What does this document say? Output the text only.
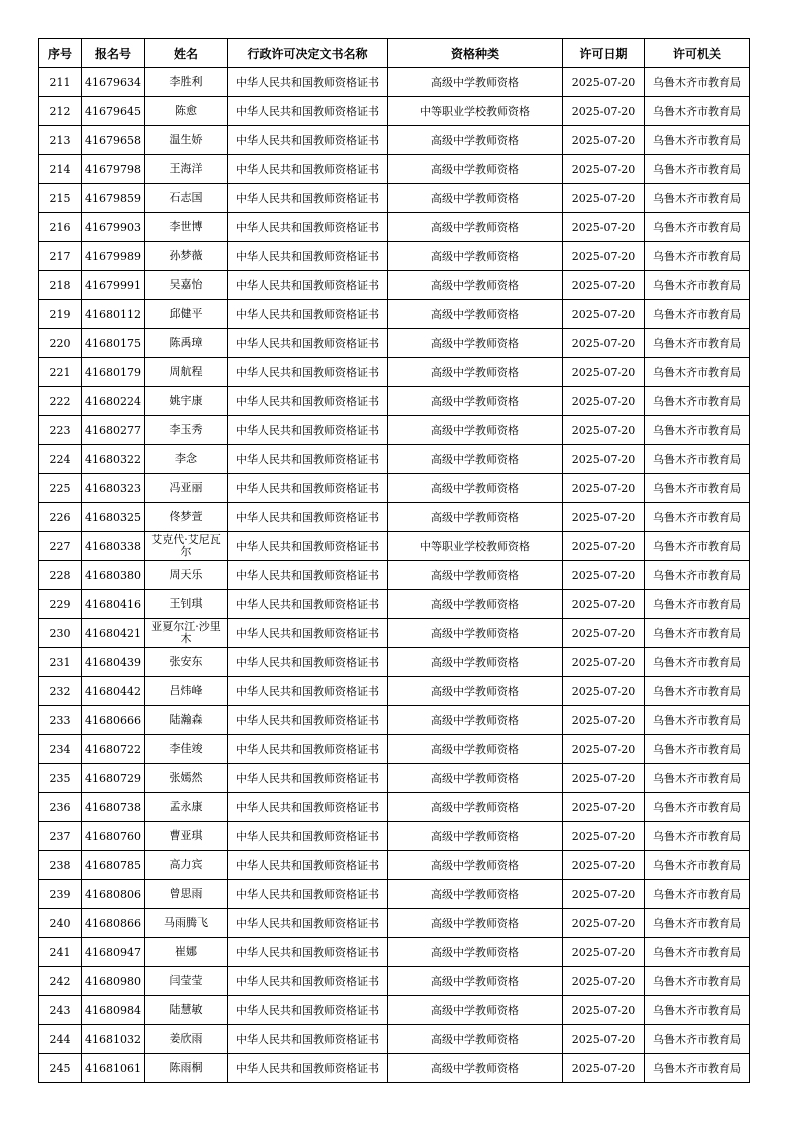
序号	报名号	姓名	行政许可决定文书名称	资格种类	许可日期	许可机关
211	41679634	李胜利	中华人民共和国教师资格证书	高级中学教师资格	2025-07-20	乌鲁木齐市教育局
212	41679645	陈愈	中华人民共和国教师资格证书	中等职业学校教师资格	2025-07-20	乌鲁木齐市教育局
213	41679658	温生娇	中华人民共和国教师资格证书	高级中学教师资格	2025-07-20	乌鲁木齐市教育局
214	41679798	王海洋	中华人民共和国教师资格证书	高级中学教师资格	2025-07-20	乌鲁木齐市教育局
215	41679859	石志国	中华人民共和国教师资格证书	高级中学教师资格	2025-07-20	乌鲁木齐市教育局
216	41679903	李世博	中华人民共和国教师资格证书	高级中学教师资格	2025-07-20	乌鲁木齐市教育局
217	41679989	孙梦薇	中华人民共和国教师资格证书	高级中学教师资格	2025-07-20	乌鲁木齐市教育局
218	41679991	吴嘉怡	中华人民共和国教师资格证书	高级中学教师资格	2025-07-20	乌鲁木齐市教育局
219	41680112	邱健平	中华人民共和国教师资格证书	高级中学教师资格	2025-07-20	乌鲁木齐市教育局
220	41680175	陈禹璋	中华人民共和国教师资格证书	高级中学教师资格	2025-07-20	乌鲁木齐市教育局
221	41680179	周航程	中华人民共和国教师资格证书	高级中学教师资格	2025-07-20	乌鲁木齐市教育局
222	41680224	姚宇康	中华人民共和国教师资格证书	高级中学教师资格	2025-07-20	乌鲁木齐市教育局
223	41680277	李玉秀	中华人民共和国教师资格证书	高级中学教师资格	2025-07-20	乌鲁木齐市教育局
224	41680322	李念	中华人民共和国教师资格证书	高级中学教师资格	2025-07-20	乌鲁木齐市教育局
225	41680323	冯亚丽	中华人民共和国教师资格证书	高级中学教师资格	2025-07-20	乌鲁木齐市教育局
226	41680325	佟梦萱	中华人民共和国教师资格证书	高级中学教师资格	2025-07-20	乌鲁木齐市教育局
227	41680338	艾克代·艾尼瓦尔	中华人民共和国教师资格证书	中等职业学校教师资格	2025-07-20	乌鲁木齐市教育局
228	41680380	周天乐	中华人民共和国教师资格证书	高级中学教师资格	2025-07-20	乌鲁木齐市教育局
229	41680416	王钊琪	中华人民共和国教师资格证书	高级中学教师资格	2025-07-20	乌鲁木齐市教育局
230	41680421	亚夏尔江·沙里木	中华人民共和国教师资格证书	高级中学教师资格	2025-07-20	乌鲁木齐市教育局
231	41680439	张安东	中华人民共和国教师资格证书	高级中学教师资格	2025-07-20	乌鲁木齐市教育局
232	41680442	吕炜峰	中华人民共和国教师资格证书	高级中学教师资格	2025-07-20	乌鲁木齐市教育局
233	41680666	陆瀚森	中华人民共和国教师资格证书	高级中学教师资格	2025-07-20	乌鲁木齐市教育局
234	41680722	李佳竣	中华人民共和国教师资格证书	高级中学教师资格	2025-07-20	乌鲁木齐市教育局
235	41680729	张嫣然	中华人民共和国教师资格证书	高级中学教师资格	2025-07-20	乌鲁木齐市教育局
236	41680738	孟永康	中华人民共和国教师资格证书	高级中学教师资格	2025-07-20	乌鲁木齐市教育局
237	41680760	曹亚琪	中华人民共和国教师资格证书	高级中学教师资格	2025-07-20	乌鲁木齐市教育局
238	41680785	高力宾	中华人民共和国教师资格证书	高级中学教师资格	2025-07-20	乌鲁木齐市教育局
239	41680806	曾思雨	中华人民共和国教师资格证书	高级中学教师资格	2025-07-20	乌鲁木齐市教育局
240	41680866	马雨腾飞	中华人民共和国教师资格证书	高级中学教师资格	2025-07-20	乌鲁木齐市教育局
241	41680947	崔娜	中华人民共和国教师资格证书	高级中学教师资格	2025-07-20	乌鲁木齐市教育局
242	41680980	闫莹莹	中华人民共和国教师资格证书	高级中学教师资格	2025-07-20	乌鲁木齐市教育局
243	41680984	陆慧敏	中华人民共和国教师资格证书	高级中学教师资格	2025-07-20	乌鲁木齐市教育局
244	41681032	姜欣雨	中华人民共和国教师资格证书	高级中学教师资格	2025-07-20	乌鲁木齐市教育局
245	41681061	陈雨桐	中华人民共和国教师资格证书	高级中学教师资格	2025-07-20	乌鲁木齐市教育局
